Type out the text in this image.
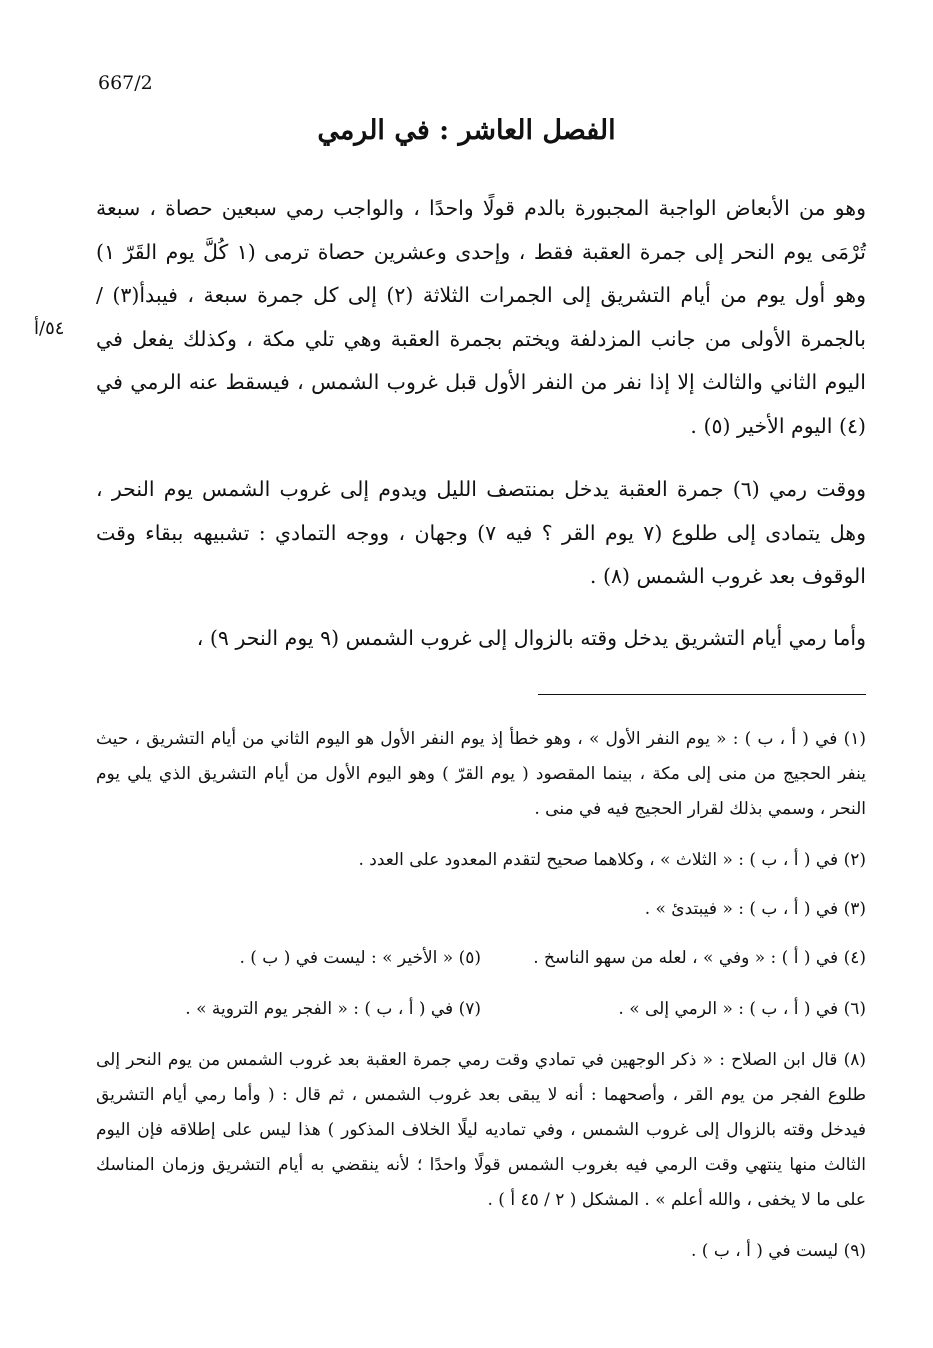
667/2
الفصل العاشر : في الرمي
٥٤/أ

وهو من الأبعاض الواجبة المجبورة بالدم قولًا واحدًا ، والواجب رمي سبعين حصاة ، سبعة تُرْمَى يوم النحر إلى جمرة العقبة فقط ، وإحدى وعشرين حصاة ترمى (١ كُلَّ يوم القَرّ ١) وهو أول يوم من أيام التشريق إلى الجمرات الثلاثة (٢) إلى كل جمرة سبعة ، فيبدأ(٣) / بالجمرة الأولى من جانب المزدلفة ويختم بجمرة العقبة وهي تلي مكة ، وكذلك يفعل في اليوم الثاني والثالث إلا إذا نفر من النفر الأول قبل غروب الشمس ، فيسقط عنه الرمي في (٤) اليوم الأخير (٥) .

ووقت رمي (٦) جمرة العقبة يدخل بمنتصف الليل ويدوم إلى غروب الشمس يوم النحر ، وهل يتمادى إلى طلوع (٧ يوم القر ؟ فيه ٧) وجهان ، ووجه التمادي : تشبيهه ببقاء وقت الوقوف بعد غروب الشمس (٨) .

وأما رمي أيام التشريق يدخل وقته بالزوال إلى غروب الشمس (٩ يوم النحر ٩) ،

(١) في ( أ ، ب ) : « يوم النفر الأول » ، وهو خطأ إذ يوم النفر الأول هو اليوم الثاني من أيام التشريق ، حيث ينفر الحجيج من منى إلى مكة ، بينما المقصود ( يوم القرّ ) وهو اليوم الأول من أيام التشريق الذي يلي يوم النحر ، وسمي بذلك لقرار الحجيج فيه في منى .

(٢) في ( أ ، ب ) : « الثلاث » ، وكلاهما صحيح لتقدم المعدود على العدد .

(٣) في ( أ ، ب ) : « فيبتدئ » .

(٤) في ( أ ) : « وفي » ، لعله من سهو الناسخ .
(٥) « الأخير » : ليست في ( ب ) .
(٦) في ( أ ، ب ) : « الرمي إلى » .
(٧) في ( أ ، ب ) : « الفجر يوم التروية » .

(٨) قال ابن الصلاح : « ذكر الوجهين في تمادي وقت رمي جمرة العقبة بعد غروب الشمس من يوم النحر إلى طلوع الفجر من يوم القر ، وأصحهما : أنه لا يبقى بعد غروب الشمس ، ثم قال : ( وأما رمي أيام التشريق فيدخل وقته بالزوال إلى غروب الشمس ، وفي تماديه ليلًا الخلاف المذكور ) هذا ليس على إطلاقه فإن اليوم الثالث منها ينتهي وقت الرمي فيه بغروب الشمس قولًا واحدًا ؛ لأنه ينقضي به أيام التشريق وزمان المناسك على ما لا يخفى ، والله أعلم » . المشكل ( ٢ / ٤٥ أ ) .

(٩) ليست في ( أ ، ب ) .
